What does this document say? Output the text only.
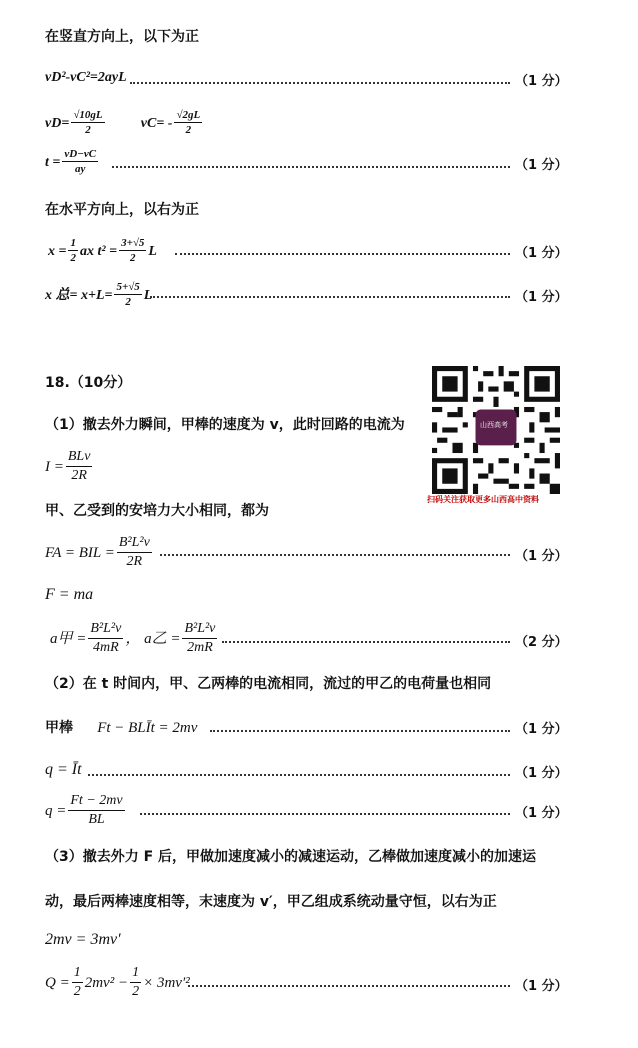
在竖直方向上，以下为正
vD²-vC²=2ayL	（1 分）
$vD= \frac{√10gL}{2}$	$vC= - \frac{√2gL}{2}$
$t = \frac{vD-vC}{ay}$	（1 分）
在水平方向上，以右为正
$x = \frac{1}{2}$ ax $t^2 = \frac{3+√5}{2}$ L	（1 分）
x 总= $x+L= \frac{5+√5}{2}$ L	（1 分）
18.（10分）
山西高考
扫码关注获取更多山西高中资料
（1）撤去外力瞬间，甲棒的速度为 v，此时回路的电流为
$I = \frac{\text{BLv}}{2R}$
甲、乙受到的安培力大小相同，都为
FA = BIL = $\frac{\text{B²L²v}}{2R}$	（1 分）
F = ma
a甲 = $\frac{\text{B²L²v}}{4mR}$ ， a乙 = $\frac{\text{B²L²v}}{2mR}$	（2 分）
（2）在 t 时间内，甲、乙两棒的电流相同，流过的甲乙的电荷量也相同
甲棒 Ft − BLĪt = 2mv	（1 分）
q = Īt	（1 分）
$q = \frac{Ft - 2mv}{BL}$	（1 分）
（3）撤去外力 F 后，甲做加速度减小的减速运动，乙棒做加速度减小的加速运
动，最后两棒速度相等，末速度为 v′，甲乙组成系统动量守恒，以右为正
2mv = 3mv′
$Q = \frac{1}{2} 2mv^2 - \frac{1}{2} \times 3mv'^2$	（1 分）
